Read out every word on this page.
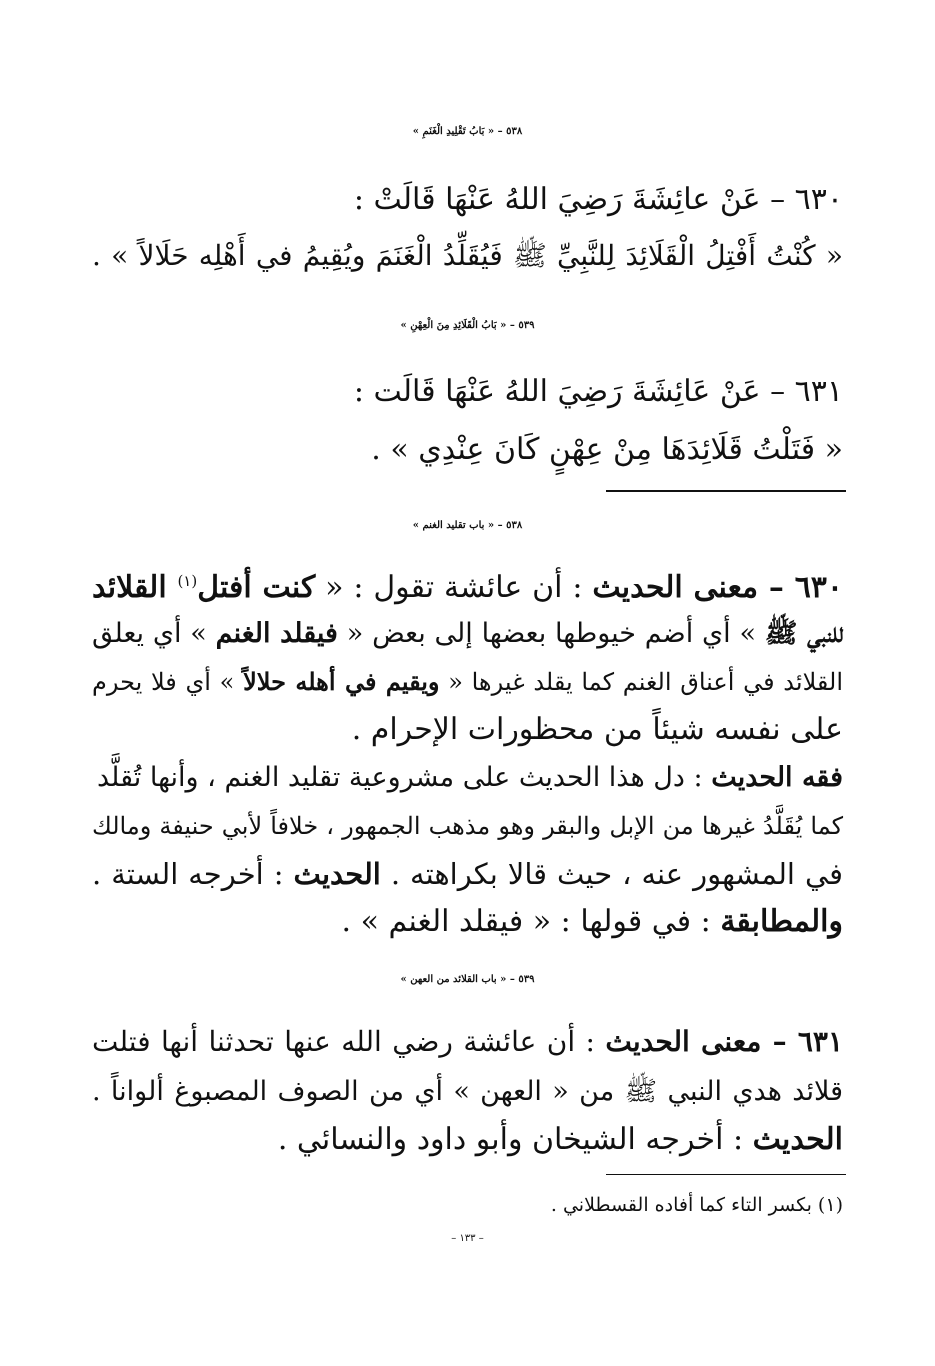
٥٣٨ – « بَابُ تَقْلِيدِ الْغَنَمِ »
٦٣٠ – عَنْ عائِشَةَ رَضِيَ اللهُ عَنْهَا قَالَتْ :
« كُنْتُ أَفْتِلُ الْقَلَائِدَ لِلنَّبِيِّ ﷺ فَيُقَلِّدُ الْغَنَمَ ويُقِيمُ في أَهْلِه حَلَالاً » .
٥٣٩ – « بَابُ الْقَلَائِدِ مِنَ الْعِهْنِ »
٦٣١ – عَنْ عَائِشَةَ رَضِيَ اللهُ عَنْهَا قَالَت :
« فَتَلْتُ قَلَائِدَهَا مِنْ عِهْنٍ كَانَ عِنْدِي » .
٥٣٨ – « باب تقليد الغنم »
٦٣٠ – معنى الحديث : أن عائشة تقول : « كنت أفتل$^{(١)}$ القلائد
للنبي ﷺ » أي أضم خيوطها بعضها إلى بعض « فيقلد الغنم » أي يعلق
القلائد في أعناق الغنم كما يقلد غيرها « ويقيم في أهله حلالاً » أي فلا يحرم
على نفسه شيئاً من محظورات الإحرام .
فقه الحديث : دل هذا الحديث على مشروعية تقليد الغنم ، وأنها تُقلَّد
كما يُقَلَّدُ غيرها من الإبل والبقر وهو مذهب الجمهور ، خلافاً لأبي حنيفة ومالك
في المشهور عنه ، حيث قالا بكراهته . الحديث : أخرجه الستة .
والمطابقة : في قولها : « فيقلد الغنم » .
٥٣٩ – « باب القلائد من العهن »
٦٣١ – معنى الحديث : أن عائشة رضي الله عنها تحدثنا أنها فتلت
قلائد هدي النبي ﷺ من « العهن » أي من الصوف المصبوغ ألواناً .
الحديث : أخرجه الشيخان وأبو داود والنسائي .
(١) بكسر التاء كما أفاده القسطلاني .
– ١٣٣ –
